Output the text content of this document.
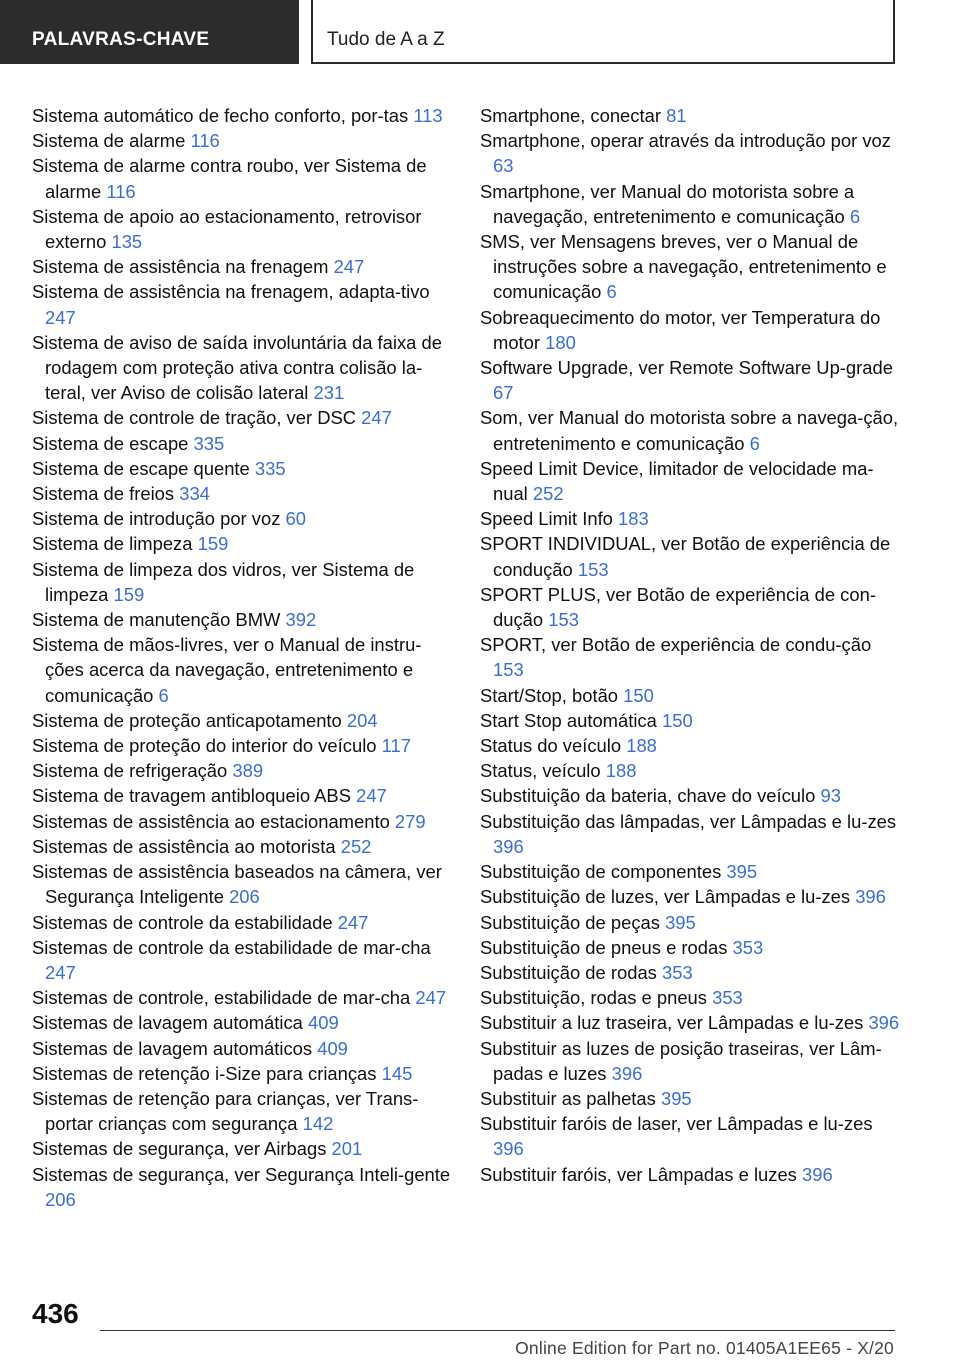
PALAVRAS-CHAVE	Tudo de A a Z

Sistema automático de fecho conforto, por-tas 113

Sistema de alarme 116

Sistema de alarme contra roubo, ver Sistema de alarme 116

Sistema de apoio ao estacionamento, retrovisor externo 135

Sistema de assistência na frenagem 247

Sistema de assistência na frenagem, adapta-tivo 247

Sistema de aviso de saída involuntária da faixa de rodagem com proteção ativa contra colisão la-teral, ver Aviso de colisão lateral 231

Sistema de controle de tração, ver DSC 247

Sistema de escape 335

Sistema de escape quente 335

Sistema de freios 334

Sistema de introdução por voz 60

Sistema de limpeza 159

Sistema de limpeza dos vidros, ver Sistema de limpeza 159

Sistema de manutenção BMW 392

Sistema de mãos-livres, ver o Manual de instru-ções acerca da navegação, entretenimento e comunicação 6

Sistema de proteção anticapotamento 204

Sistema de proteção do interior do veículo 117

Sistema de refrigeração 389

Sistema de travagem antibloqueio ABS 247

Sistemas de assistência ao estacionamento 279

Sistemas de assistência ao motorista 252

Sistemas de assistência baseados na câmera, ver Segurança Inteligente 206

Sistemas de controle da estabilidade 247

Sistemas de controle da estabilidade de mar-cha 247

Sistemas de controle, estabilidade de mar-cha 247

Sistemas de lavagem automática 409

Sistemas de lavagem automáticos 409

Sistemas de retenção i-Size para crianças 145

Sistemas de retenção para crianças, ver Trans-portar crianças com segurança 142

Sistemas de segurança, ver Airbags 201

Sistemas de segurança, ver Segurança Inteli-gente 206

Smartphone, conectar 81

Smartphone, operar através da introdução por voz 63

Smartphone, ver Manual do motorista sobre a navegação, entretenimento e comunicação 6

SMS, ver Mensagens breves, ver o Manual de instruções sobre a navegação, entretenimento e comunicação 6

Sobreaquecimento do motor, ver Temperatura do motor 180

Software Upgrade, ver Remote Software Up-grade 67

Som, ver Manual do motorista sobre a navega-ção, entretenimento e comunicação 6

Speed Limit Device, limitador de velocidade ma-nual 252

Speed Limit Info 183

SPORT INDIVIDUAL, ver Botão de experiência de condução 153

SPORT PLUS, ver Botão de experiência de con-dução 153

SPORT, ver Botão de experiência de condu-ção 153

Start/Stop, botão 150

Start Stop automática 150

Status do veículo 188

Status, veículo 188

Substituição da bateria, chave do veículo 93

Substituição das lâmpadas, ver Lâmpadas e lu-zes 396

Substituição de componentes 395

Substituição de luzes, ver Lâmpadas e lu-zes 396

Substituição de peças 395

Substituição de pneus e rodas 353

Substituição de rodas 353

Substituição, rodas e pneus 353

Substituir a luz traseira, ver Lâmpadas e lu-zes 396

Substituir as luzes de posição traseiras, ver Lâm-padas e luzes 396

Substituir as palhetas 395

Substituir faróis de laser, ver Lâmpadas e lu-zes 396

Substituir faróis, ver Lâmpadas e luzes 396

436
Online Edition for Part no. 01405A1EE65 - X/20
